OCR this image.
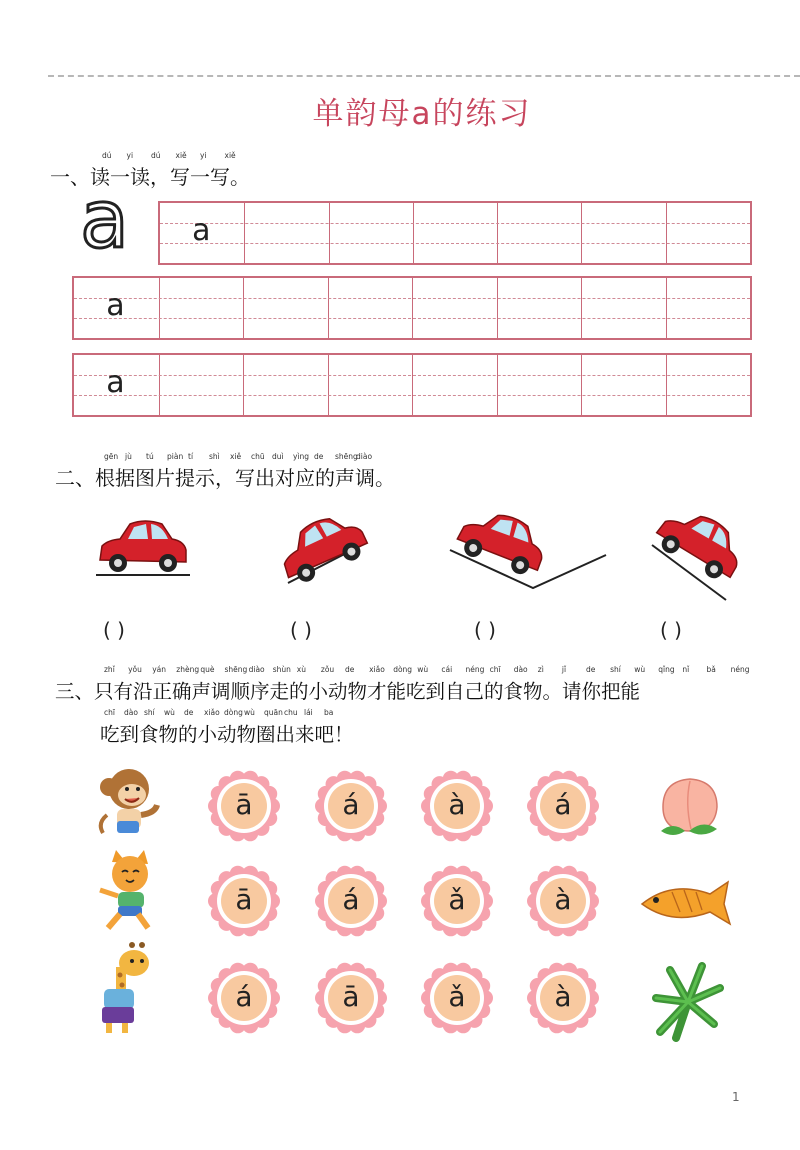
单韵母a的练习
dú yi dú xiě yi xiě
一、读一读，写一写。
a a
a
a
gēn jù tú piàn tí shì xiě chū duì yìng de shēng
diào
二、根据图片提示，写出对应的声调。
( )	( )	( )	( )
zhǐ yǒu yán zhèng què shēng diào shùn xù zǒu de xiǎo dòng wù cái néng chī dào zì jǐ	de shí wù qǐng nǐ bǎ néng
三、只有沿正确声调顺序走的小动物才能吃到自己的食物。请你把能
chī dào shí wù de xiǎo dòng wù quān chu lái ba
吃到食物的小动物圈出来吧！
ā	á	à	á
ā	á	ǎ	à
á	ā	ǎ	à
1
